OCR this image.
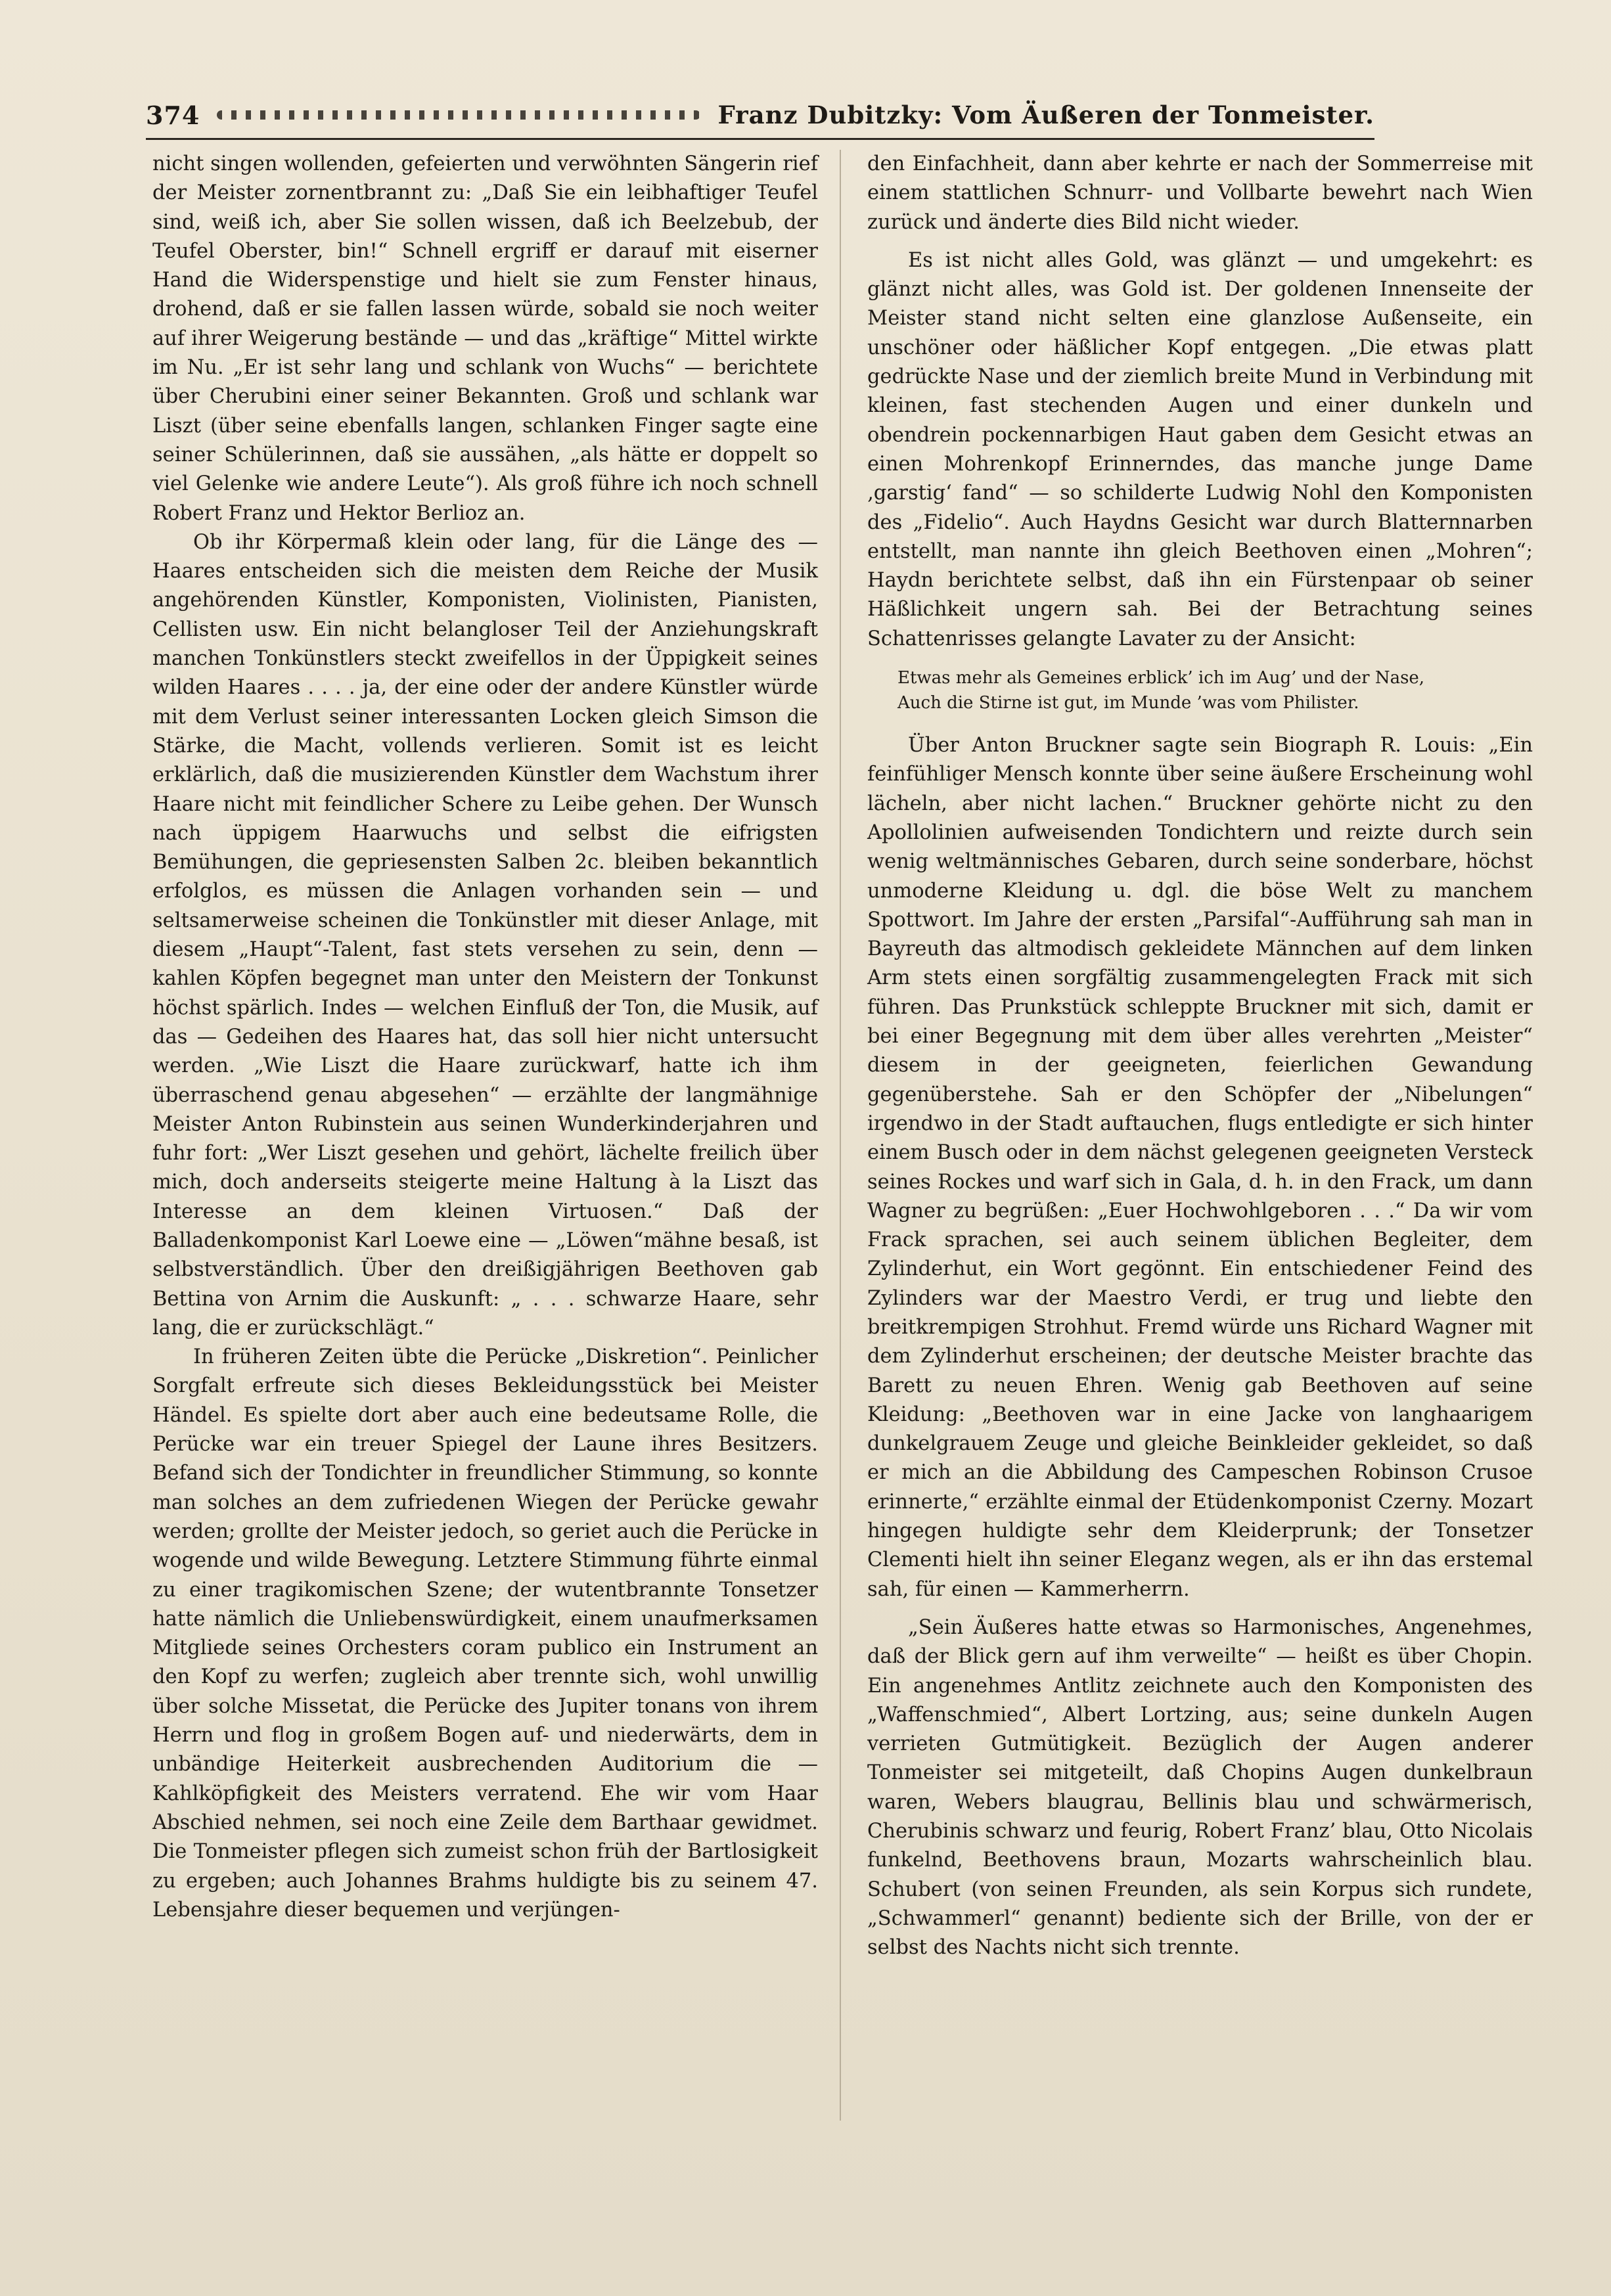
374	Franz Dubitzky: Vom Äußeren der Tonmeister.

nicht singen wollenden, gefeierten und verwöhnten Sängerin rief der Meister zornentbrannt zu: „Daß Sie ein leibhaftiger Teufel sind, weiß ich, aber Sie sollen wissen, daß ich Beelzebub, der Teufel Oberster, bin!“ Schnell ergriff er darauf mit eiserner Hand die Widerspenstige und hielt sie zum Fenster hinaus, drohend, daß er sie fallen lassen würde, sobald sie noch weiter auf ihrer Weigerung bestände — und das „kräftige“ Mittel wirkte im Nu. „Er ist sehr lang und schlank von Wuchs“ — berichtete über Cherubini einer seiner Bekannten. Groß und schlank war Liszt (über seine ebenfalls langen, schlanken Finger sagte eine seiner Schülerinnen, daß sie aussähen, „als hätte er doppelt so viel Gelenke wie andere Leute“). Als groß führe ich noch schnell Robert Franz und Hektor Berlioz an.

Ob ihr Körpermaß klein oder lang, für die Länge des — Haares entscheiden sich die meisten dem Reiche der Musik angehörenden Künstler, Komponisten, Violinisten, Pianisten, Cellisten usw. Ein nicht belangloser Teil der Anziehungskraft manchen Tonkünstlers steckt zweifellos in der Üppigkeit seines wilden Haares . . . . ja, der eine oder der andere Künstler würde mit dem Verlust seiner interessanten Locken gleich Simson die Stärke, die Macht, vollends verlieren. Somit ist es leicht erklärlich, daß die musizierenden Künstler dem Wachstum ihrer Haare nicht mit feindlicher Schere zu Leibe gehen. Der Wunsch nach üppigem Haarwuchs und selbst die eifrigsten Bemühungen, die gepriesensten Salben 2c. bleiben bekanntlich erfolglos, es müssen die Anlagen vorhanden sein — und seltsamerweise scheinen die Tonkünstler mit dieser Anlage, mit diesem „Haupt“-Talent, fast stets versehen zu sein, denn — kahlen Köpfen begegnet man unter den Meistern der Tonkunst höchst spärlich. Indes — welchen Einfluß der Ton, die Musik, auf das — Gedeihen des Haares hat, das soll hier nicht untersucht werden. „Wie Liszt die Haare zurückwarf, hatte ich ihm überraschend genau abgesehen“ — erzählte der langmähnige Meister Anton Rubinstein aus seinen Wunderkinderjahren und fuhr fort: „Wer Liszt gesehen und gehört, lächelte freilich über mich, doch anderseits steigerte meine Haltung à la Liszt das Interesse an dem kleinen Virtuosen.“ Daß der Balladenkomponist Karl Loewe eine — „Löwen“mähne besaß, ist selbstverständlich. Über den dreißigjährigen Beethoven gab Bettina von Arnim die Auskunft: „ . . . schwarze Haare, sehr lang, die er zurückschlägt.“

In früheren Zeiten übte die Perücke „Diskretion“. Peinlicher Sorgfalt erfreute sich dieses Bekleidungsstück bei Meister Händel. Es spielte dort aber auch eine bedeutsame Rolle, die Perücke war ein treuer Spiegel der Laune ihres Besitzers. Befand sich der Tondichter in freundlicher Stimmung, so konnte man solches an dem zufriedenen Wiegen der Perücke gewahr werden; grollte der Meister jedoch, so geriet auch die Perücke in wogende und wilde Bewegung. Letztere Stimmung führte einmal zu einer tragikomischen Szene; der wutentbrannte Tonsetzer hatte nämlich die Unliebenswürdigkeit, einem unaufmerksamen Mitgliede seines Orchesters coram publico ein Instrument an den Kopf zu werfen; zugleich aber trennte sich, wohl unwillig über solche Missetat, die Perücke des Jupiter tonans von ihrem Herrn und flog in großem Bogen auf- und niederwärts, dem in unbändige Heiterkeit ausbrechenden Auditorium die — Kahlköpfigkeit des Meisters verratend. Ehe wir vom Haar Abschied nehmen, sei noch eine Zeile dem Barthaar gewidmet. Die Tonmeister pflegen sich zumeist schon früh der Bartlosigkeit zu ergeben; auch Johannes Brahms huldigte bis zu seinem 47. Lebensjahre dieser bequemen und verjüngen-

den Einfachheit, dann aber kehrte er nach der Sommerreise mit einem stattlichen Schnurr- und Vollbarte bewehrt nach Wien zurück und änderte dies Bild nicht wieder.

Es ist nicht alles Gold, was glänzt — und umgekehrt: es glänzt nicht alles, was Gold ist. Der goldenen Innenseite der Meister stand nicht selten eine glanzlose Außenseite, ein unschöner oder häßlicher Kopf entgegen. „Die etwas platt gedrückte Nase und der ziemlich breite Mund in Verbindung mit kleinen, fast stechenden Augen und einer dunkeln und obendrein pockennarbigen Haut gaben dem Gesicht etwas an einen Mohrenkopf Erinnerndes, das manche junge Dame ‚garstig‘ fand“ — so schilderte Ludwig Nohl den Komponisten des „Fidelio“. Auch Haydns Gesicht war durch Blatternnarben entstellt, man nannte ihn gleich Beethoven einen „Mohren“; Haydn berichtete selbst, daß ihn ein Fürstenpaar ob seiner Häßlichkeit ungern sah. Bei der Betrachtung seines Schattenrisses gelangte Lavater zu der Ansicht:

Etwas mehr als Gemeines erblick’ ich im Aug’ und der Nase,
Auch die Stirne ist gut, im Munde ’was vom Philister.

Über Anton Bruckner sagte sein Biograph R. Louis: „Ein feinfühliger Mensch konnte über seine äußere Erscheinung wohl lächeln, aber nicht lachen.“ Bruckner gehörte nicht zu den Apollolinien aufweisenden Tondichtern und reizte durch sein wenig weltmännisches Gebaren, durch seine sonderbare, höchst unmoderne Kleidung u. dgl. die böse Welt zu manchem Spottwort. Im Jahre der ersten „Parsifal“-Aufführung sah man in Bayreuth das altmodisch gekleidete Männchen auf dem linken Arm stets einen sorgfältig zusammengelegten Frack mit sich führen. Das Prunkstück schleppte Bruckner mit sich, damit er bei einer Begegnung mit dem über alles verehrten „Meister“ diesem in der geeigneten, feierlichen Gewandung gegenüberstehe. Sah er den Schöpfer der „Nibelungen“ irgendwo in der Stadt auftauchen, flugs entledigte er sich hinter einem Busch oder in dem nächst gelegenen geeigneten Versteck seines Rockes und warf sich in Gala, d. h. in den Frack, um dann Wagner zu begrüßen: „Euer Hochwohlgeboren . . .“ Da wir vom Frack sprachen, sei auch seinem üblichen Begleiter, dem Zylinderhut, ein Wort gegönnt. Ein entschiedener Feind des Zylinders war der Maestro Verdi, er trug und liebte den breitkrempigen Strohhut. Fremd würde uns Richard Wagner mit dem Zylinderhut erscheinen; der deutsche Meister brachte das Barett zu neuen Ehren. Wenig gab Beethoven auf seine Kleidung: „Beethoven war in eine Jacke von langhaarigem dunkelgrauem Zeuge und gleiche Beinkleider gekleidet, so daß er mich an die Abbildung des Campeschen Robinson Crusoe erinnerte,“ erzählte einmal der Etüdenkomponist Czerny. Mozart hingegen huldigte sehr dem Kleiderprunk; der Tonsetzer Clementi hielt ihn seiner Eleganz wegen, als er ihn das erstemal sah, für einen — Kammerherrn.

„Sein Äußeres hatte etwas so Harmonisches, Angenehmes, daß der Blick gern auf ihm verweilte“ — heißt es über Chopin. Ein angenehmes Antlitz zeichnete auch den Komponisten des „Waffenschmied“, Albert Lortzing, aus; seine dunkeln Augen verrieten Gutmütigkeit. Bezüglich der Augen anderer Tonmeister sei mitgeteilt, daß Chopins Augen dunkelbraun waren, Webers blaugrau, Bellinis blau und schwärmerisch, Cherubinis schwarz und feurig, Robert Franz’ blau, Otto Nicolais funkelnd, Beethovens braun, Mozarts wahrscheinlich blau. Schubert (von seinen Freunden, als sein Korpus sich rundete, „Schwammerl“ genannt) bediente sich der Brille, von der er selbst des Nachts nicht sich trennte.
